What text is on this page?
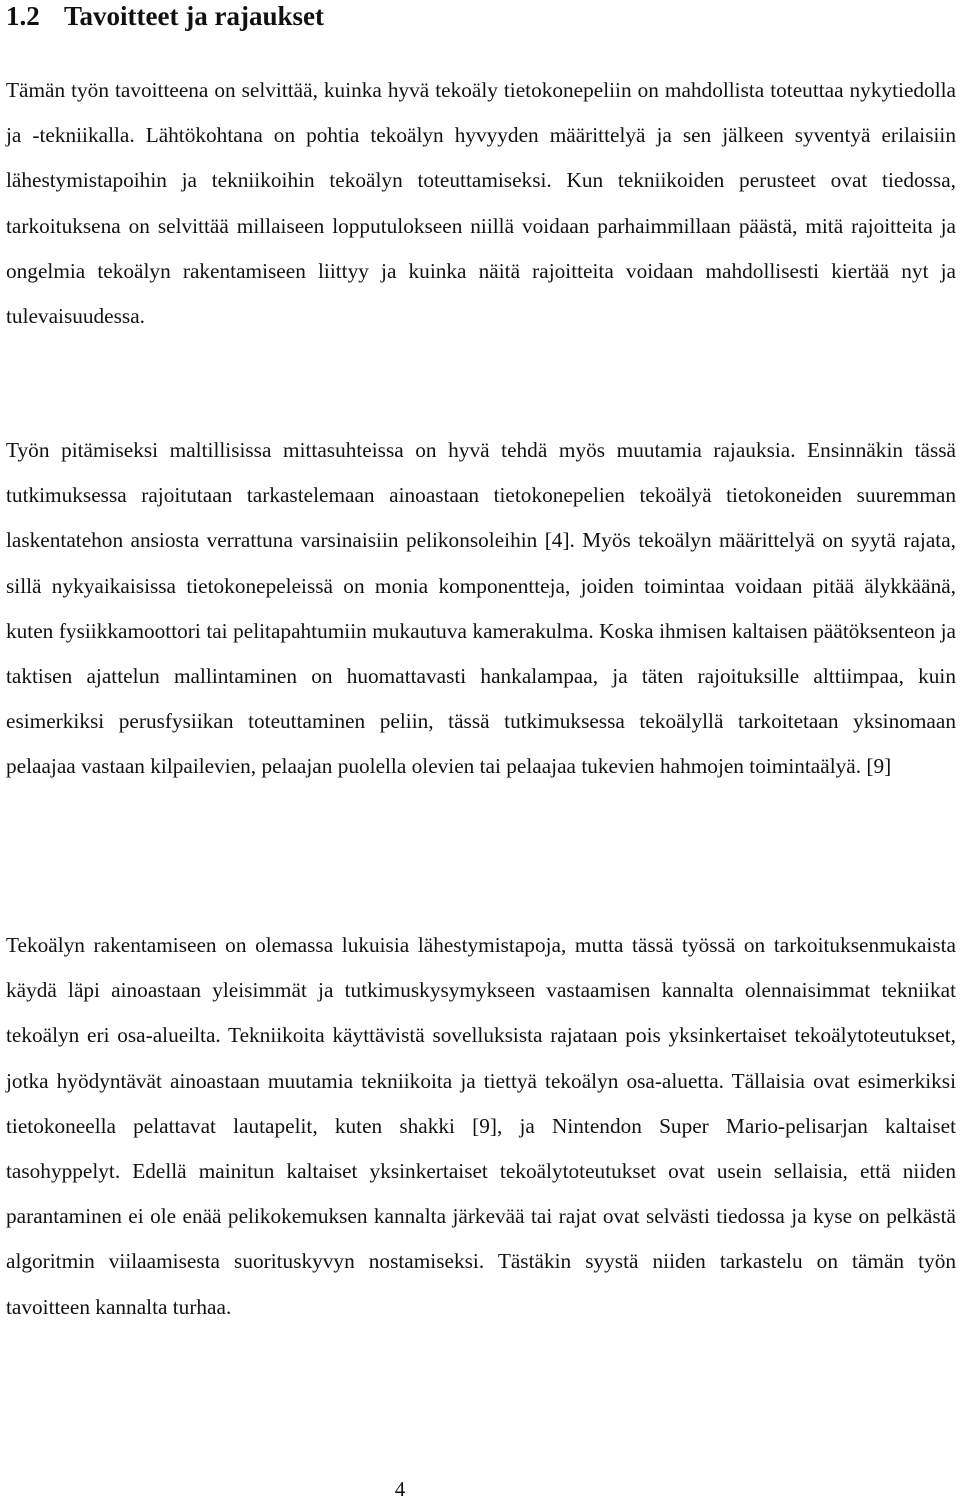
1.2 Tavoitteet ja rajaukset

Tämän työn tavoitteena on selvittää, kuinka hyvä tekoäly tietokonepeliin on mahdollista toteuttaa nykytiedolla ja -tekniikalla. Lähtökohtana on pohtia tekoälyn hyvyyden määrittelyä ja sen jälkeen syventyä erilaisiin lähestymistapoihin ja tekniikoihin tekoälyn toteuttamiseksi. Kun tekniikoiden perusteet ovat tiedossa, tarkoituksena on selvittää millaiseen lopputulokseen niillä voidaan parhaimmillaan päästä, mitä rajoitteita ja ongelmia tekoälyn rakentamiseen liittyy ja kuinka näitä rajoitteita voidaan mahdollisesti kiertää nyt ja tulevaisuudessa.

Työn pitämiseksi maltillisissa mittasuhteissa on hyvä tehdä myös muutamia rajauksia. Ensinnäkin tässä tutkimuksessa rajoitutaan tarkastelemaan ainoastaan tietokonepelien tekoälyä tietokoneiden suuremman laskentatehon ansiosta verrattuna varsinaisiin pelikonsoleihin [4]. Myös tekoälyn määrittelyä on syytä rajata, sillä nykyaikaisissa tietokonepeleissä on monia komponentteja, joiden toimintaa voidaan pitää älykkäänä, kuten fysiikkamoottori tai pelitapahtumiin mukautuva kamerakulma. Koska ihmisen kaltaisen päätöksenteon ja taktisen ajattelun mallintaminen on huomattavasti hankalampaa, ja täten rajoituksille alttiimpaa, kuin esimerkiksi perusfysiikan toteuttaminen peliin, tässä tutkimuksessa tekoälyllä tarkoitetaan yksinomaan pelaajaa vastaan kilpailevien, pelaajan puolella olevien tai pelaajaa tukevien hahmojen toimintaälyä. [9]

Tekoälyn rakentamiseen on olemassa lukuisia lähestymistapoja, mutta tässä työssä on tarkoituksenmukaista käydä läpi ainoastaan yleisimmät ja tutkimuskysymykseen vastaamisen kannalta olennaisimmat tekniikat tekoälyn eri osa-alueilta. Tekniikoita käyttävistä sovelluksista rajataan pois yksinkertaiset tekoälytoteutukset, jotka hyödyntävät ainoastaan muutamia tekniikoita ja tiettyä tekoälyn osa-aluetta. Tällaisia ovat esimerkiksi tietokoneella pelattavat lautapelit, kuten shakki [9], ja Nintendon Super Mario-pelisarjan kaltaiset tasohyppelyt. Edellä mainitun kaltaiset yksinkertaiset tekoälytoteutukset ovat usein sellaisia, että niiden parantaminen ei ole enää pelikokemuksen kannalta järkevää tai rajat ovat selvästi tiedossa ja kyse on pelkästä algoritmin viilaamisesta suorituskyvyn nostamiseksi. Tästäkin syystä niiden tarkastelu on tämän työn tavoitteen kannalta turhaa.

4
